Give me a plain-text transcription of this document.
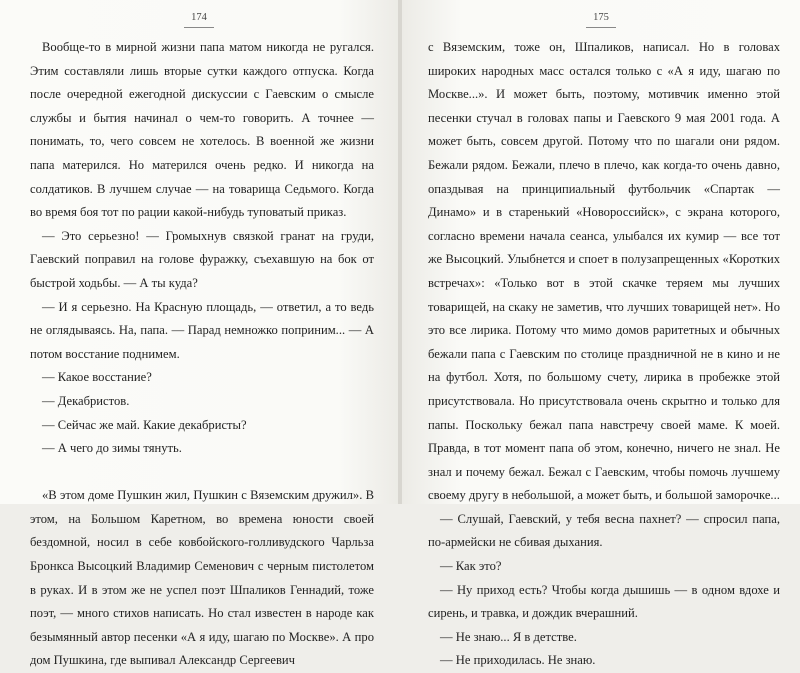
174

Вообще-то в мирной жизни папа матом никогда не ругался. Этим составляли лишь вторые сутки каждого отпуска. Когда после очередной ежегодной дискуссии с Гаевским о смысле службы и бытия начинал о чем-то говорить. А точнее — понимать, то, чего совсем не хотелось. В военной же жизни папа матерился. Но матерился очень редко. И никогда на солдатиков. В лучшем случае — на товарища Седьмого. Когда во время боя тот по рации какой-нибудь туповатый приказ.

— Это серьезно! — Громыхнув связкой гранат на груди, Гаевский поправил на голове фуражку, съехавшую на бок от быстрой ходьбы. — А ты куда?

— И я серьезно. На Красную площадь, — ответил, а то ведь не оглядываясь. На, папа. — Парад немножко поприним... — А потом восстание поднимем.

— Какое восстание?

— Декабристов.

— Сейчас же май. Какие декабристы?

— А чего до зимы тянуть.

«В этом доме Пушкин жил, Пушкин с Вяземским дружил». В этом, на Большом Каретном, во времена юности своей бездомной, носил в себе ковбойского-голливудского Чарльза Бронкса Высоцкий Владимир Семенович с черным пистолетом в руках. И в этом же не успел поэт Шпаликов Геннадий, тоже поэт, — много стихов написать. Но стал известен в народе как безымянный автор песенки «А я иду, шагаю по Москве». А про дом Пушкина, где выпивал Александр Сергеевич

175

с Вяземским, тоже он, Шпаликов, написал. Но в головах широких народных масс остался только с «А я иду, шагаю по Москве...». И может быть, поэтому, мотивчик именно этой песенки стучал в головах папы и Гаевского 9 мая 2001 года. А может быть, совсем другой. Потому что по шагали они рядом. Бежали рядом. Бежали, плечо в плечо, как когда-то очень давно, опаздывая на принципиальный футбольчик «Спартак — Динамо» и в старенький «Новороссийск», с экрана которого, согласно времени начала сеанса, улыбался их кумир — все тот же Высоцкий. Улыбнется и споет в полузапрещенных «Коротких встречах»: «Только вот в этой скачке теряем мы лучших товарищей, на скаку не заметив, что лучших товарищей нет». Но это все лирика. Потому что мимо домов раритетных и обычных бежали папа с Гаевским по столице праздничной не в кино и не на футбол. Хотя, по большому счету, лирика в пробежке этой присутствовала. Но присутствовала очень скрытно и только для папы. Поскольку бежал папа навстречу своей маме. К моей. Правда, в тот момент папа об этом, конечно, ничего не знал. Не знал и почему бежал. Бежал с Гаевским, чтобы помочь лучшему своему другу в небольшой, а может быть, и большой заморочке...

— Слушай, Гаевский, у тебя весна пахнет? — спросил папа, по-армейски не сбивая дыхания.

— Как это?

— Ну приход есть? Чтобы когда дышишь — в одном вдохе и сирень, и травка, и дождик вчерашний.

— Не знаю... Я в детстве.

— Не приходилась. Не знаю.
